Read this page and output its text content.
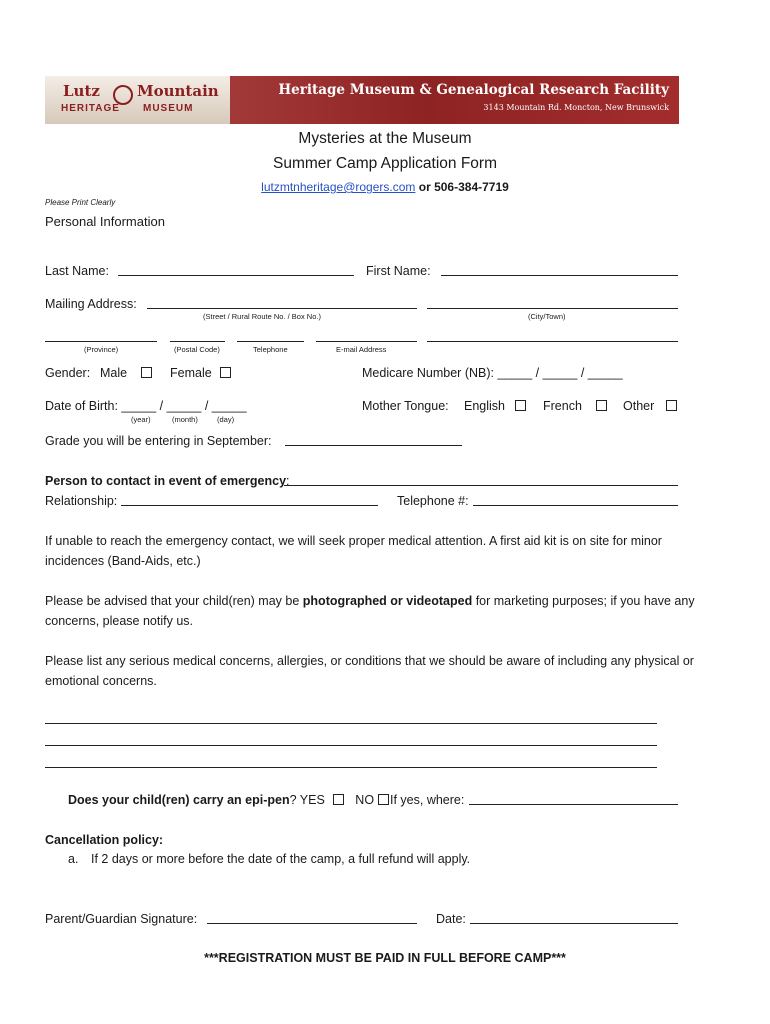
Lutz Mountain
HERITAGE MUSEUM
Heritage Museum & Genealogical Research Facility
3143 Mountain Rd. Moncton, New Brunswick
Mysteries at the Museum
Summer Camp Application Form
lutzmtnheritage@rogers.com or 506-384-7719
Please Print Clearly
Personal Information
Last Name:	First Name:
Mailing Address:
(Street / Rural Route No. / Box No.)	(City/Town)
(Province)	(Postal Code)	Telephone	E-mail Address
Gender: Male	Female	Medicare Number (NB): _____ / _____ / _____
Date of Birth: _____ / _____ / _____
(year)	(month)	(day)
Mother Tongue: English	French	Other
Grade you will be entering in September:
Person to contact in event of emergency:
Relationship:	Telephone #:
If unable to reach the emergency contact, we will seek proper medical attention. A first aid kit is on site for minor
incidences (Band-Aids, etc.)
Please be advised that your child(ren) may be photographed or videotaped for marketing purposes; if you have any
concerns, please notify us.
Please list any serious medical concerns, allergies, or conditions that we should be aware of including any physical or
emotional concerns.
Does your child(ren) carry an epi-pen? YES NO	If yes, where:
Cancellation policy:
a. If 2 days or more before the date of the camp, a full refund will apply.
Parent/Guardian Signature:	Date:
***REGISTRATION MUST BE PAID IN FULL BEFORE CAMP***
